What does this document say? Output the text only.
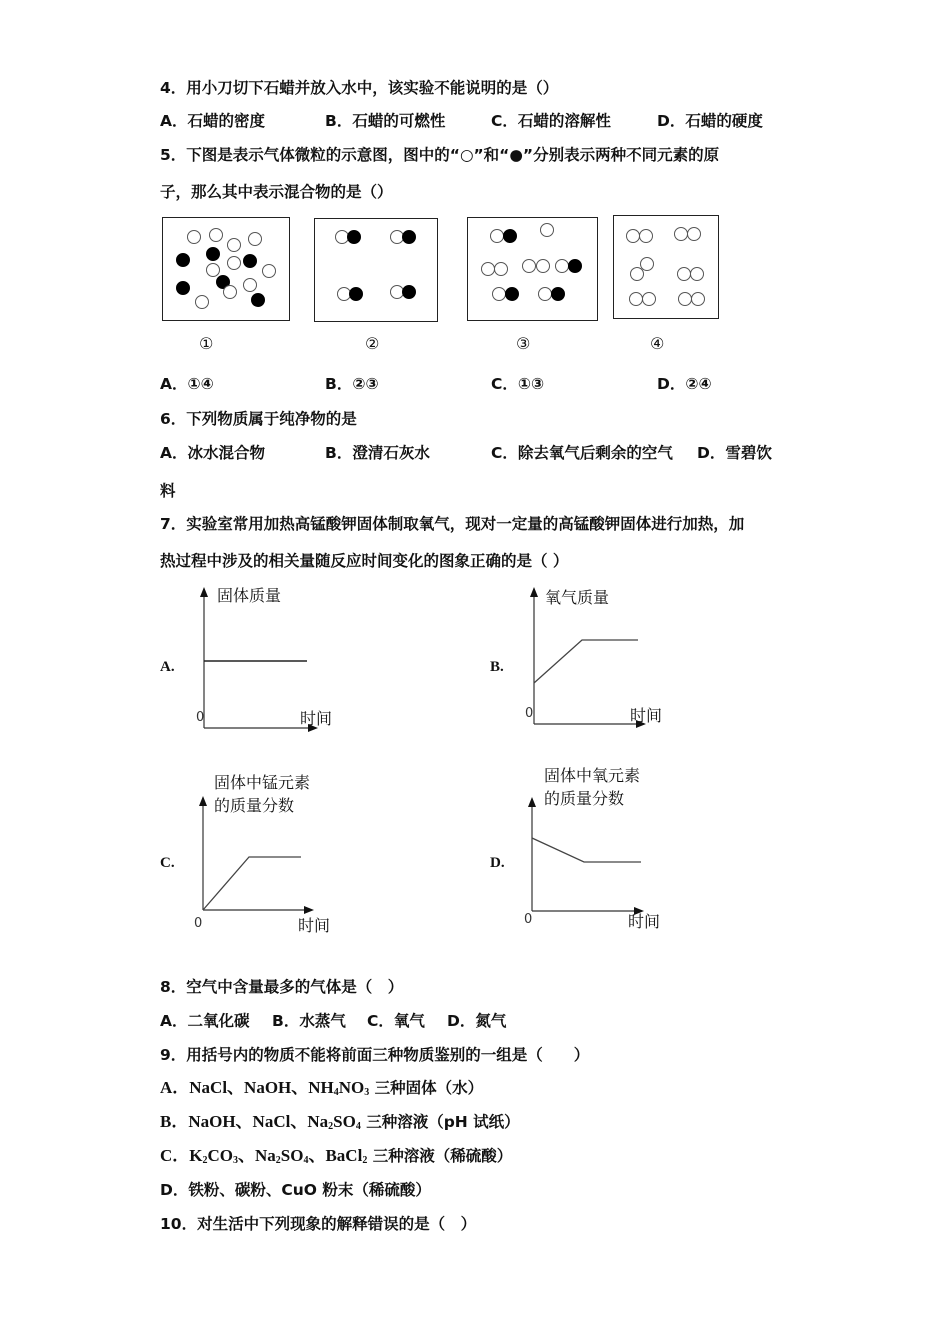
4．用小刀切下石蜡并放入水中，该实验不能说明的是（）
A．石蜡的密度	B．石蜡的可燃性	C．石蜡的溶解性	D．石蜡的硬度
5．下图是表示气体微粒的示意图，图中的“○”和“●”分别表示两种不同元素的原
子，那么其中表示混合物的是（）
①	②	③	④
A．①④	B．②③	C．①③	D．②④
6．下列物质属于纯净物的是
A．冰水混合物	B．澄清石灰水	C．除去氧气后剩余的空气 D．雪碧饮
料
7．实验室常用加热高锰酸钾固体制取氧气，现对一定量的高锰酸钾固体进行加热，加
热过程中涉及的相关量随反应时间变化的图象正确的是（ ）
固体质量
A.
0	时间
氧气质量
B.
0	时间
固体中锰元素
的质量分数
C.
0	时间
固体中氧元素
的质量分数
D.
0	时间
8．空气中含量最多的气体是（　）
A．二氧化碳 B．水蒸气 C．氧气 D．氮气
9．用括号内的物质不能将前面三种物质鉴别的一组是（　　）
A．NaCl、NaOH、$NH_4NO_3$ 三种固体（水）
B．NaOH、NaCl、$Na_2SO_4$ 三种溶液（pH 试纸）
C．$K_2CO_3$、$Na_2SO_4$、BaCl$_2$ 三种溶液（稀硫酸）
D．铁粉、碳粉、CuO 粉末（稀硫酸）
10．对生活中下列现象的解释错误的是（　）
